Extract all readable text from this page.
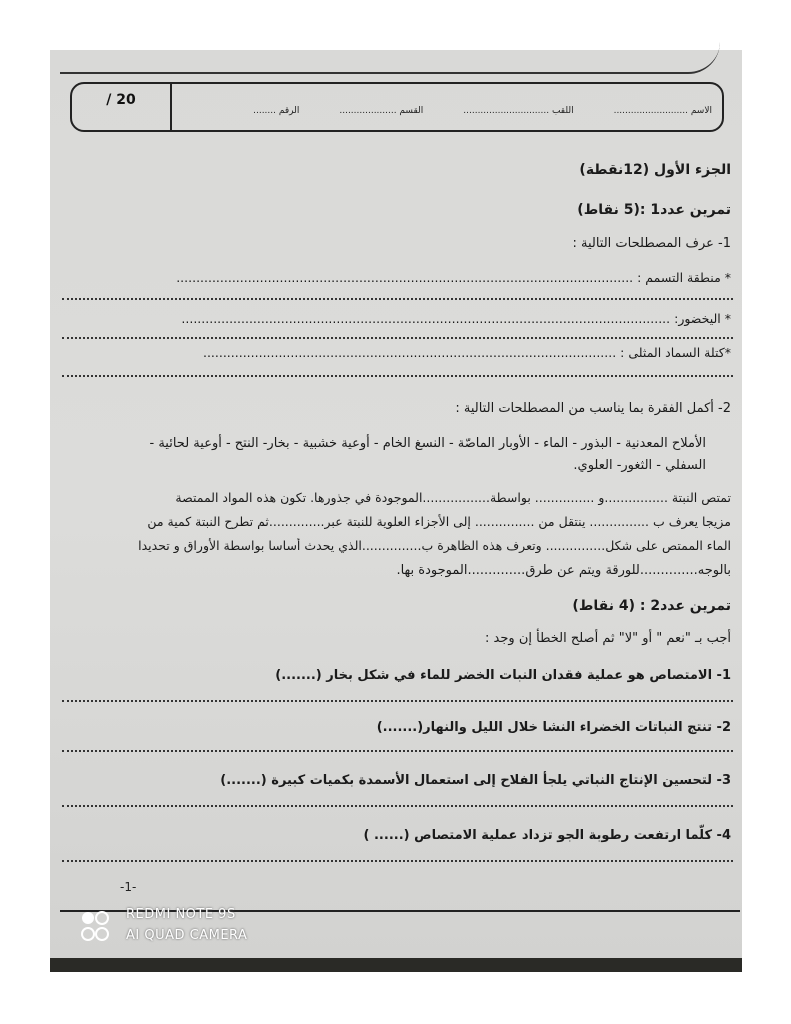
/ 20
الاسم ..........................
اللقب ..............................
القسم ....................
الرقم ........
الجزء الأول (12نقطة)
تمرين عدد1 :(5 نقاط)
1- عرف المصطلحات التالية :
* منطقة التسمم : ...................................................................................................................
* اليخضور: ...........................................................................................................................
*كتلة السماد المثلى : ........................................................................................................
2- أكمل الفقرة بما يناسب من المصطلحات التالية :
الأملاح المعدنية - البذور - الماء - الأوبار الماصّة - النسغ الخام - أوعية خشبية - بخار- النتح - أوعية لحائية -
السفلي - الثغور- العلوي.
تمتص النبتة ................و ............... بواسطة.................الموجودة في جذورها. تكون هذه المواد الممتصة
مزيجا يعرف ب ............... ينتقل من ............... إلى الأجزاء العلوية للنبتة عبر..............ثم تطرح النبتة كمية من
الماء الممتص على شكل............... وتعرف هذه الظاهرة ب...............الذي يحدث أساسا بواسطة الأوراق و تحديدا
بالوجه..............للورقة ويتم عن طرق..............الموجودة بها.
تمرين عدد2 : (4 نقاط)
أجب بـ "نعم " أو "لا" ثم أصلح الخطأ إن وجد :
1- الامتصاص هو عملية فقدان النبات الخضر للماء في شكل بخار (.......)
2- تنتج النباتات الخضراء النشا خلال الليل والنهار(.......)
3- لتحسين الإنتاج النباتي يلجأ الفلاح إلى استعمال الأسمدة بكميات كبيرة (.......)
4- كلّما ارتفعت رطوبة الجو تزداد عملية الامتصاص (...... )
-1-
REDMI NOTE 9S
AI QUAD CAMERA
